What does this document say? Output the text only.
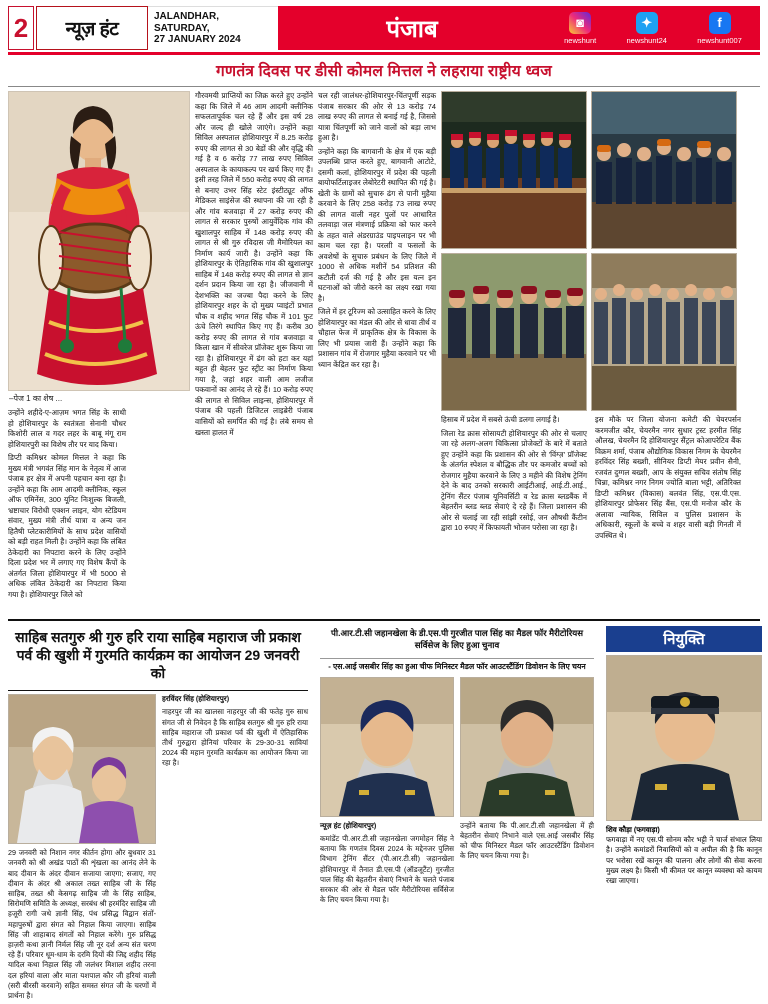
2	न्यूज़ हंट
JALANDHAR, SATURDAY,
27 JANUARY 2024	पंजाब	◙
newshunt
✦
newshunt24
f
newshunt007
गणतंत्र दिवस पर डीसी कोमल मित्तल ने लहराया राष्ट्रीय ध्वज
–पेज 1 का शेष ...

उन्होंने शहीदे-ए-आज़म भगत सिंह के साथी हो होशियारपुर के स्वतंत्रता सेनानी चौधर किशोरी लाल व गदर लहर के बाबू मंगू राम होशियारपुरी का विशेष तौर पर याद किया।

डिप्टी कमिश्नर कोमल मित्तल ने कहा कि मुख्य मंत्री भगवंत सिंह मान के नेतृत्व में आज पंजाब हर क्षेत्र में अपनी पहचान बना रहा है। उन्होंने कहा कि आम आदमी क्लीनिक, स्कूल ऑफ एमिनेंस, 300 यूनिट निःशुल्क बिजली, भ्रष्टाचार विरोधी एक्शन लाइन, योग स्टेडियम संवार, मुख्य मंत्री तीर्थ यात्रा व अन्य जन हितैषी प्लेटकारीमियों के साथ प्रदेश वासियों को बड़ी राहत मिली है। उन्होंने कहा कि लंबित ठेकेदारी का निपटारा करने के लिए उन्होंने दिला प्रदेश भर में लगाए गए विशेष कैंपों के अंतर्गत जिला होशियारपुर में भी 5000 से अधिक लंबित ठेकेदारी का निपटारा किया गया है। होशियारपुर जिले को

गौरवमयी प्राप्तियों का जिक्र करते हुए उन्होंने कहा कि जिले में 46 आम आदमी क्लीनिक सफलतापूर्वक चल रहे हैं और इस वर्ष 28 और जल्द ही खोले जाएंगे। उन्होंने कहा सिविल अस्पताल होशियारपुर में 8.25 करोड़ रुपए की लागत से 30 बेडों की और वृद्धि की गई है व 6 करोड़ 77 लाख रुपए सिविल अस्पताल के कायाकल्प पर खर्च किए गए हैं। इसी तरह जिले में 550 करोड़ रुपए की लागत से बनाए उभर सिंह स्टेट इंस्टीट्यूट ऑफ मेडिकल साइंसेज की स्थापना की जा रही है और गांव बजवाड़ा में 27 करोड़ रुपए की लागत से सरकार पुरुषों आयुर्वेदिक गांव की खुशालपुर साहिब में 148 करोड़ रुपए की लागत से श्री गुरु रविदास जी मैमोरियल का निर्माण कार्य जारी है। उन्होंने कहा कि होशियारपुर के ऐतिहासिक गांव की खुशालपुर साहिब में 148 करोड़ रुपए की लागत से ज्ञान दर्शन प्रदान किया जा रहा है। जीजवानी में देशभक्ति का जज्बा पैदा करने के लिए होशियारपुर शहर के दो मुख्य प्वाइंटों प्रभात चौक व शहीद भगत सिंह चौक में 101 फुट ऊंचे तिरंगे स्थापित किए गए हैं। करीब 30 करोड़ रुपए की लागत से गांव बजवाड़ा व किला खान में सीवरेज प्रॉजेक्ट शुरू किया जा रहा है। होशियारपुर में ढंग को हटा कर यहां बहुत ही बेहतर फुट स्ट्रीट का निर्माण किया गया है, जहां शहर वाली आम लजीज पकवानों का आनंद ले रहे हैं। 10 करोड़ रुपए की लागत से सिविल लाइन्स, होशियारपुर में पंजाब की पहली डिजिटल लाइब्रेरी पंजाब वासियों को समर्पित की गई है। लंबे समय से खस्ता हालत में

चल रही जालंधर-होशियारपुर-चिंतपूर्णी सड़क पंजाब सरकार की ओर से 13 करोड़ 74 लाख रुपए की लागत से बनाई गई है, जिससे यात्रा चिंतपूर्णी को जाने वालों को बड़ा लाभ हुआ है।

उन्होंने कहा कि बागवानी के क्षेत्र में एक बड़ी उपलब्धि प्राप्त करते हुए, बागवानी आटोटे, दसमी कलां, होशियारपुर में प्रदेश की पहली बायोफर्टिलाइजर लेबोरेटरी स्थापित की गई है। खेती के ग्रामों को सुचारु ढंग से पानी मुहैया करवाने के लिए 258 करोड़ 73 लाख रुपए की लागत वाली नहर पुलों पर आधारित तलवाड़ा जल मंत्रणाई प्रक्रिया को फार करने के तहत वाले अंडरग्राउंड पाइपलाइन पर भी काम चल रहा है। परलाी व फसलों के अवशेषों के सुचारु प्रबंधन के लिए जिले में 1000 से अधिक मशीनें 54 प्रतिशत की कटौती दर्ज की गई है और इस यत्न इन घटनाओं को जीरो करने का लक्ष्य रखा गया है।

जिले में हर टूरिज्म को उत्साहित करने के लिए होशियारपुर का मंडल की ओर से धावा तीर्थ व चौहाल फेज में प्राकृतिक क्षेत्र के विकास के लिए भी प्रयास जारी हैं। उन्होंने कहा कि प्रशासन गांव में रोजगार मुहैया करवाने पर भी ध्यान केंद्रित कर रहा है।

हिसाब में प्रदेश में सबसे ऊंची डलगा लगाई है।

जिला रेड क्रास सोसायटी होशियारपुर की ओर से चलाए जा रहे अलग-अलग चिकित्सा प्रोजेक्टों के बारे में बताते हुए उन्होंने कहा कि प्रशासन की ओर से 'विंग्ज़' प्रॉजेक्ट के अंतर्गत स्पेशल व बौद्धिक तौर पर कमजोर बच्चों को रोजगार मुहैया करवाने के लिए 3 महीने की विशेष ट्रेनिंग देने के बाद उनको सरकारी आईटीआई, आई.टी.आई., ट्रेनिंग सैंटर पंजाब यूनिवर्सिटी व रेड क्रास ब्लडबैंक में बेहतरीन ब्लड ब्लड सेवाएं दे रहे हैं। जिला प्रशासन की ओर से चलाई जा रही सांझी रसोई, जन औषधी कैंटीन द्वारा 10 रुपए में किफायती भोजन परोसा जा रहा है।

इस मौके पर जिला योजना कमेटी की चेयरपर्सन करमजीत कौर, चेयरमैन नगर सुधार ट्रस्ट हरमीत सिंह औलख, चेयरमैन दि होशियारपुर सैंट्रल कोआपरेटिव बैंक विक्रम शर्मा, पंजाब औद्योगिक विकास निगम के चेयरमैन हरविंदर सिंह बख्शी, सीनियर डिप्टी मेयर प्रवीन सैनी, रजवंत दुग्गल बख्शी, आप के संयुक्त सचिव संतोष सिंह चिन्ना, कमिश्नर नगर निगम ज्योति बाला भट्टी, अतिरिक्त डिप्टी कमिश्नर (विकास) बलवंत सिंह, एस.पी.एस. होशियारपुर प्रोफेसर सिंह बैंस, एस.पी मनोज कौर के अलावा न्यायिक, सिविल व पुलिस प्रशासन के अधिकारी, स्कूलों के बच्चे व शहर वासी बड़ी गिनती में उपस्थित थे।

साहिब सतगुरु श्री गुरु हरि राया साहिब महाराज जी प्रकाश पर्व की खुशी में गुरमति कार्यक्रम का आयोजन 29 जनवरी को

हरविंदर सिंह (होशियारपुर)

नाहरपुर जी का खालसा नाहरपुर जी की फतेह गुरु साध संगत जी से निवेदन है कि साहिब सतगुरु श्री गुरु हरि राया साहिब महाराज जी प्रकाश पर्व की खुशी में ऐतिहासिक तीर्थ गुरुद्वारा होनियां परिवार के 29-30-31 सावियां 2024 की महान गुरमति कार्यक्रम का आयोजन किया जा रहा है।

29 जनवरी को निशान नगर कीर्तन होगा और बुधवार 31 जनवरी को श्री अखंड पाठों की शृंखला का आनंद लेने के बाद दीवान के अंदर दीवान सजाया जाएगा; सजाए, गए दीवान के अंदर श्री अकाल तख्त साहिब जी के सिंह साहिब, तख्त श्री केसगढ़ साहिब जी के सिंह साहिब, सिरोमणि समिति के अध्यक्ष, सरबंध श्री हरमंदिर साहिब जी हजूरी रागी जथे ज्ञानी सिंह, पंथ प्रसिद्ध विद्वान संतों-महापुरुषों द्वारा संगत को निहाल किया जाएगा। साहिब सिंह जी शाहाबाद संगतों को निहाल करेंगे। गुरु प्रसिद्ध हाज़री कथा ज्ञानी निर्मल सिंह जी नूर दर्श अन्य संत चरण रहे हैं। परिवार धूम-धाम के दरमि दियों की जिद्द शहीद सिंह यादिल कथा निहाल सिंह जी जलंधर मिशाल शहीद तरना दल हरियां वाला और माता यशपाल कौर जी हरियां वाली (सरी बीरसी करवाने) सहित समस्त संगत जी के चरणों में प्रार्थना है।

पी.आर.टी.सी जहानखेला के डी.एस.पी गुरजीत पाल सिंह का मैडल फॉर मैरीटोरियस सर्विसेज के लिए हुआ चुनाव
- एस.आई जसबीर सिंह का हुआ चीफ मिनिस्टर मैडल फॉर आउटस्टैंडिंग डिवोशन के लिए चयन

न्यूज़ हंट (होशियारपुर)

कमांडेंट पी.आर.टी.सी जहानखेला जगमोहन सिंह ने बताया कि गणतंत्र दिवस 2024 के मद्देनजर पुलिस विभाग ट्रेनिंग सैंटर (पी.आर.टी.सी) जहानखेला होशियारपुर में तैनात डी.एस.पी (ऑडजूटैंट) गुरजीत पाल सिंह की बेहतरीन सेवाएं निभाने के चलते पंजाब सरकार की ओर से मैडल फॉर मैरीटोरियस सर्विसेज के लिए चयन किया गया है।

उन्होंने बताया कि पी.आर.टी.सी जहानखेला में ही बेहतरीन सेवाएं निभाने वाले एस.आई जसबीर सिंह को चीफ मिनिस्टर मैडल फॉर आउटस्टैंडिंग डिवोशन के लिए चयन किया गया है।

नियुक्ति

शिव कौड़ा (फगवाड़ा)

फगवाड़ा में नए एस.पी सोनम कौर भट्टी ने चार्ज संभाल लिया है। उन्होंने कमांडरों निवासियों को व अपील की है कि कानून पर भरोसा रखें कानून की पालना और लोगों की सेवा करना मुख्य लक्ष्य है। किसी भी कीमत पर कानून व्यवस्था को कायम रखा जाएगा।
